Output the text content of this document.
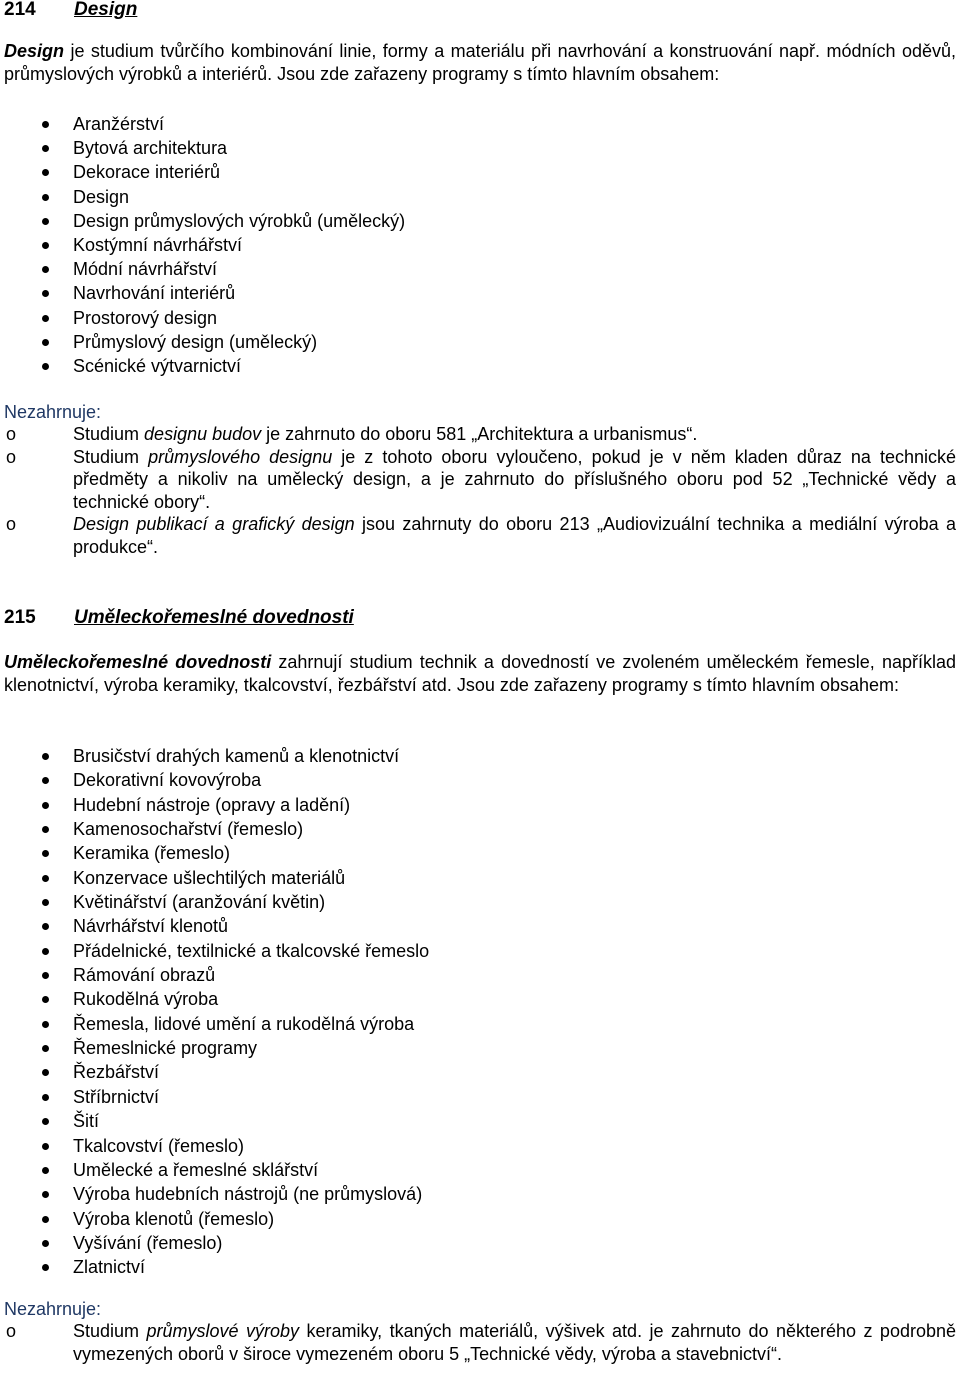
214 Design

Design je studium tvůrčího kombinování linie, formy a materiálu při navrhování a konstruování např. módních oděvů, průmyslových výrobků a interiérů. Jsou zde zařazeny programy s tímto hlavním obsahem:

Aranžérství
Bytová architektura
Dekorace interiérů
Design
Design průmyslových výrobků (umělecký)
Kostýmní návrhářství
Módní návrhářství
Navrhování interiérů
Prostorový design
Průmyslový design (umělecký)
Scénické výtvarnictví
Nezahrnuje:
o	Studium designu budov je zahrnuto do oboru 581 „Architektura a urbanismus“.
o	Studium průmyslového designu je z tohoto oboru vyloučeno, pokud je v něm kladen důraz na technické předměty a nikoliv na umělecký design, a je zahrnuto do příslušného oboru pod 52 „Technické vědy a technické obory“.
o	Design publikací a grafický design jsou zahrnuty do oboru 213 „Audiovizuální technika a mediální výroba a produkce“.
215 Uměleckořemeslné dovednosti

Uměleckořemeslné dovednosti zahrnují studium technik a dovedností ve zvoleném uměleckém řemesle, například klenotnictví, výroba keramiky, tkalcovství, řezbářství atd. Jsou zde zařazeny programy s tímto hlavním obsahem:

Brusičství drahých kamenů a klenotnictví
Dekorativní kovovýroba
Hudební nástroje (opravy a ladění)
Kamenosochařství (řemeslo)
Keramika (řemeslo)
Konzervace ušlechtilých materiálů
Květinářství (aranžování květin)
Návrhářství klenotů
Přádelnické, textilnické a tkalcovské řemeslo
Rámování obrazů
Rukodělná výroba
Řemesla, lidové umění a rukodělná výroba
Řemeslnické programy
Řezbářství
Stříbrnictví
Šití
Tkalcovství (řemeslo)
Umělecké a řemeslné sklářství
Výroba hudebních nástrojů (ne průmyslová)
Výroba klenotů (řemeslo)
Vyšívání (řemeslo)
Zlatnictví
Nezahrnuje:
o	Studium průmyslové výroby keramiky, tkaných materiálů, výšivek atd. je zahrnuto do některého z podrobně vymezených oborů v široce vymezeném oboru 5 „Technické vědy, výroba a stavebnictví“.
